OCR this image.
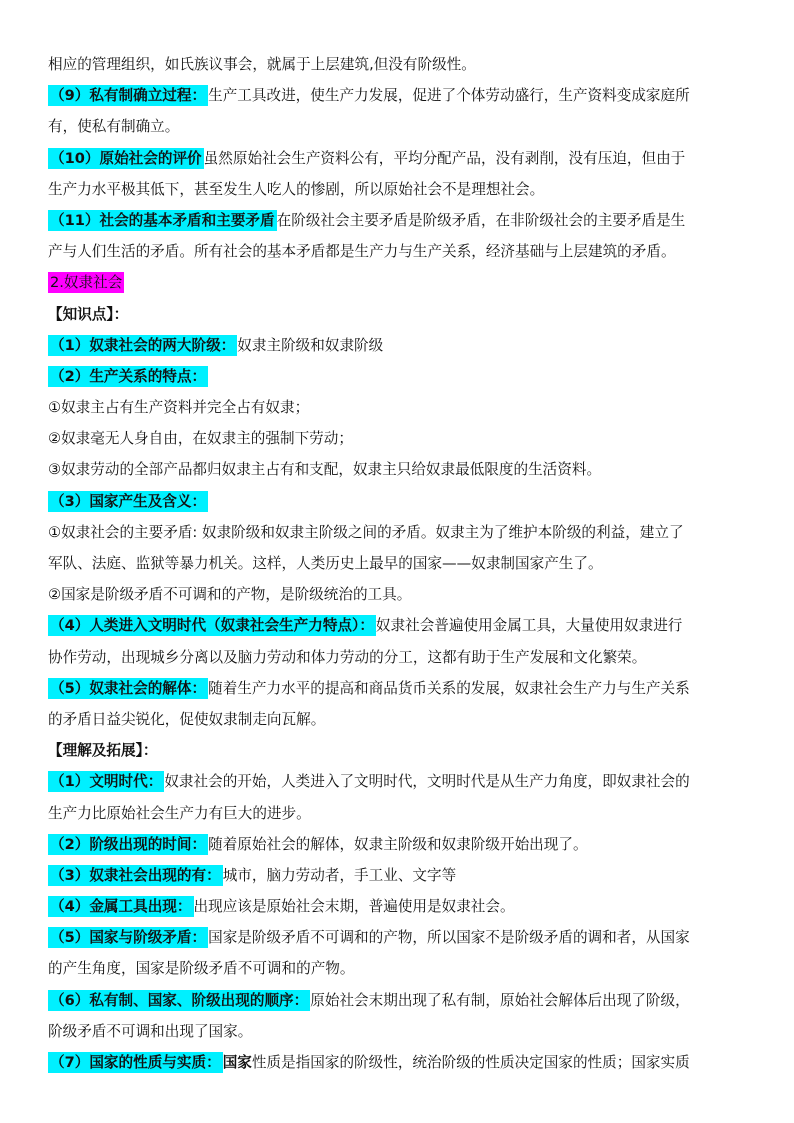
相应的管理组织，如氏族议事会，就属于上层建筑,但没有阶级性。
（9）私有制确立过程： 生产工具改进，使生产力发展，促进了个体劳动盛行，生产资料变成家庭所
有，使私有制确立。
（10）原始社会的评价 虽然原始社会生产资料公有，平均分配产品，没有剥削，没有压迫，但由于
生产力水平极其低下，甚至发生人吃人的惨剧，所以原始社会不是理想社会。
（11）社会的基本矛盾和主要矛盾 在阶级社会主要矛盾是阶级矛盾，在非阶级社会的主要矛盾是生
产与人们生活的矛盾。所有社会的基本矛盾都是生产力与生产关系，经济基础与上层建筑的矛盾。
2.奴隶社会
【知识点】：
（1）奴隶社会的两大阶级： 奴隶主阶级和奴隶阶级
（2）生产关系的特点：
①奴隶主占有生产资料并完全占有奴隶；
②奴隶毫无人身自由，在奴隶主的强制下劳动；
③奴隶劳动的全部产品都归奴隶主占有和支配，奴隶主只给奴隶最低限度的生活资料。
（3）国家产生及含义：
①奴隶社会的主要矛盾: 奴隶阶级和奴隶主阶级之间的矛盾。奴隶主为了维护本阶级的利益，建立了
军队、法庭、监狱等暴力机关。这样，人类历史上最早的国家——奴隶制国家产生了。
②国家是阶级矛盾不可调和的产物，是阶级统治的工具。
（4）人类进入文明时代（奴隶社会生产力特点）： 奴隶社会普遍使用金属工具，大量使用奴隶进行
协作劳动，出现城乡分离以及脑力劳动和体力劳动的分工，这都有助于生产发展和文化繁荣。
（5）奴隶社会的解体： 随着生产力水平的提高和商品货币关系的发展，奴隶社会生产力与生产关系
的矛盾日益尖锐化，促使奴隶制走向瓦解。
【理解及拓展】：
（1）文明时代： 奴隶社会的开始，人类进入了文明时代，文明时代是从生产力角度，即奴隶社会的
生产力比原始社会生产力有巨大的进步。
（2）阶级出现的时间： 随着原始社会的解体，奴隶主阶级和奴隶阶级开始出现了。
（3）奴隶社会出现的有： 城市，脑力劳动者，手工业、文字等
（4）金属工具出现： 出现应该是原始社会末期，普遍使用是奴隶社会。
（5）国家与阶级矛盾： 国家是阶级矛盾不可调和的产物，所以国家不是阶级矛盾的调和者，从国家
的产生角度，国家是阶级矛盾不可调和的产物。
（6）私有制、国家、阶级出现的顺序： 原始社会末期出现了私有制，原始社会解体后出现了阶级，
阶级矛盾不可调和出现了国家。
（7）国家的性质与实质： 国家性质是指国家的阶级性，统治阶级的性质决定国家的性质；国家实质
